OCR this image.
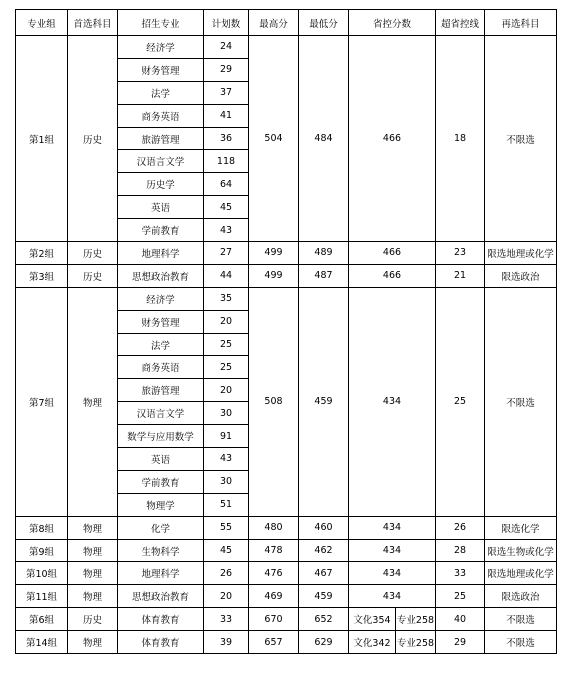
专业组	首选科目	招生专业	计划数	最高分	最低分	省控分数		超省控线	再选科目
第1组	历史	经济学	24	504	484	466		18	不限选
		财务管理	29						
		法学	37						
		商务英语	41						
		旅游管理	36						
		汉语言文学	118						
		历史学	64						
		英语	45						
		学前教育	43						
第2组	历史	地理科学	27	499	489	466		23	限选地理或化学
第3组	历史	思想政治教育	44	499	487	466		21	限选政治
第7组	物理	经济学	35	508	459	434		25	不限选
		财务管理	20						
		法学	25						
		商务英语	25						
		旅游管理	20						
		汉语言文学	30						
		数学与应用数学	91						
		英语	43						
		学前教育	30						
		物理学	51						
第8组	物理	化学	55	480	460	434		26	限选化学
第9组	物理	生物科学	45	478	462	434		28	限选生物或化学
第10组	物理	地理科学	26	476	467	434		33	限选地理或化学
第11组	物理	思想政治教育	20	469	459	434		25	限选政治
第6组	历史	体育教育	33	670	652	文化354	专业258	40	不限选
第14组	物理	体育教育	39	657	629	文化342	专业258	29	不限选
